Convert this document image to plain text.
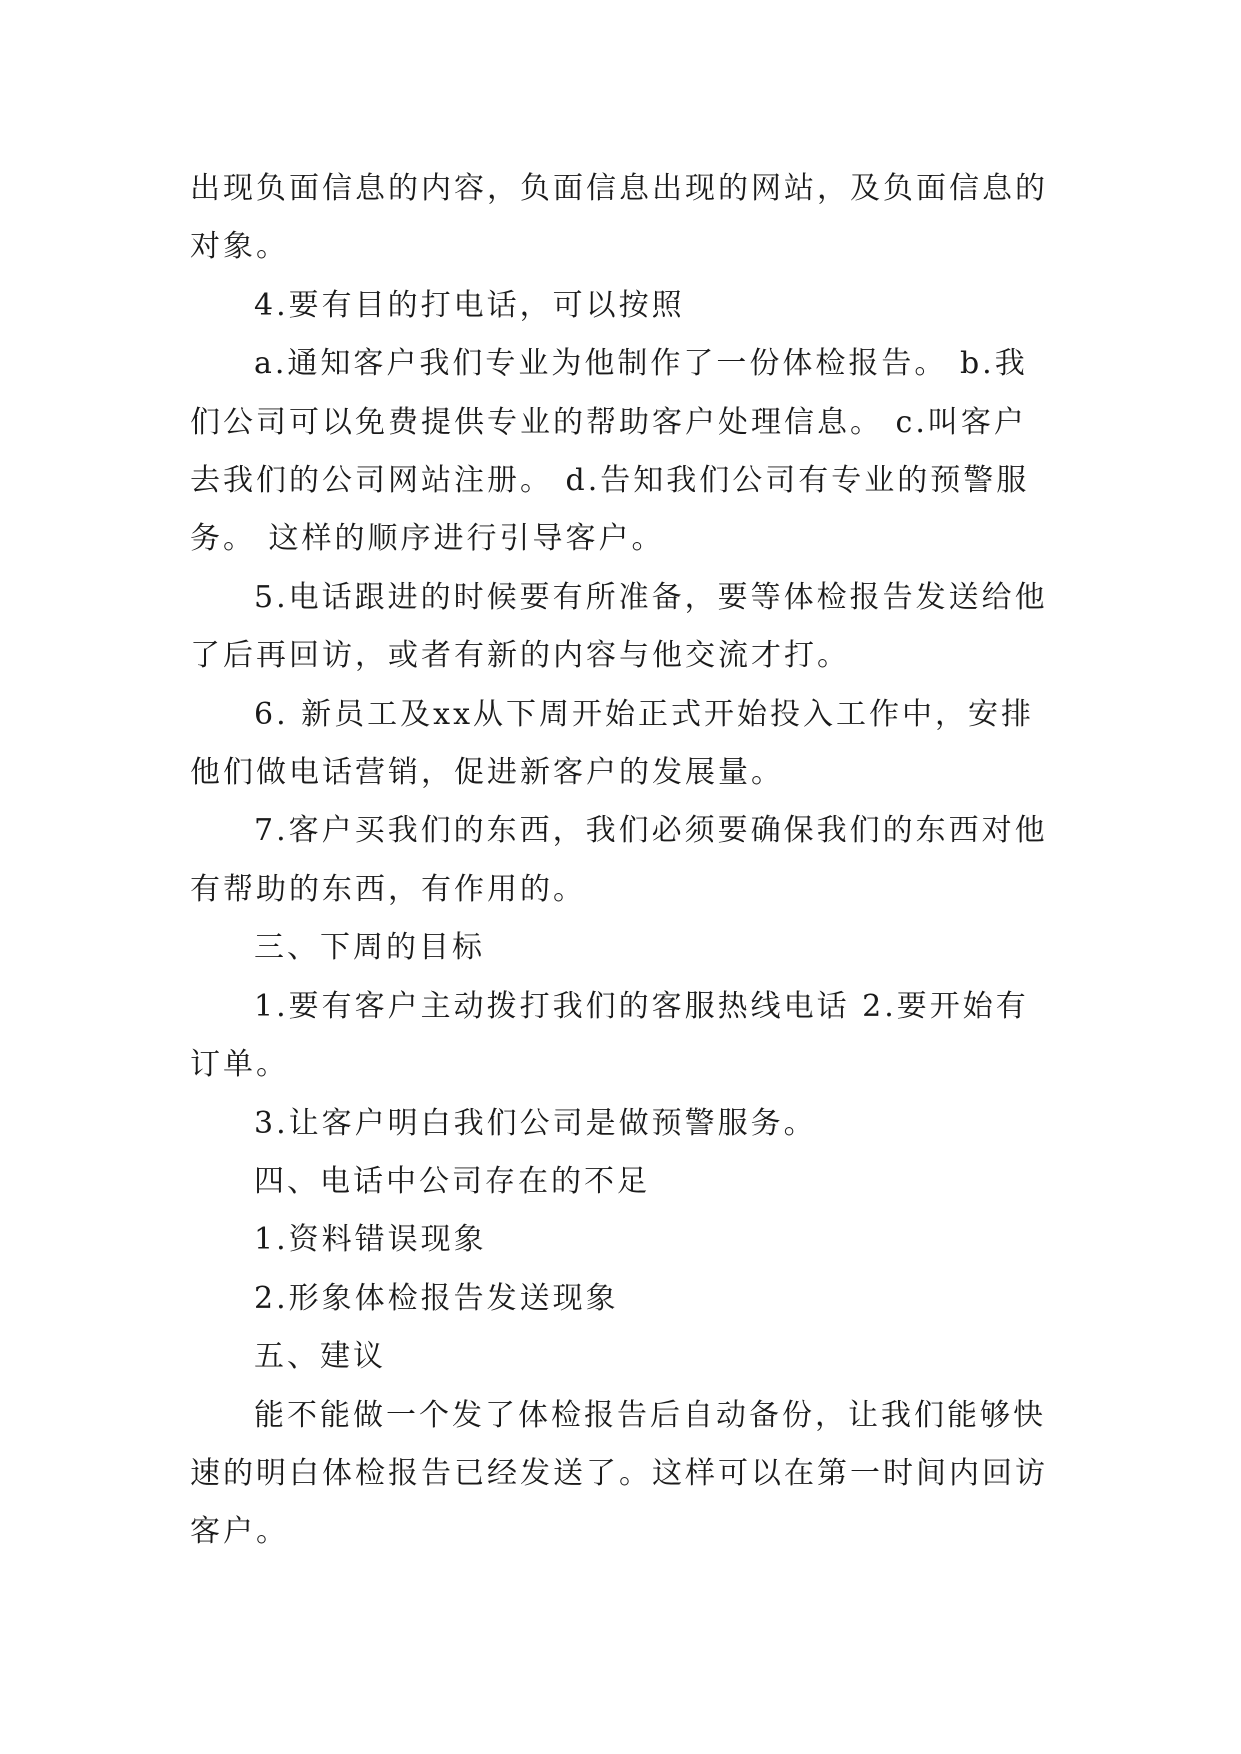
出现负面信息的内容，负面信息出现的网站，及负面信息的对象。

4.要有目的打电话，可以按照

a.通知客户我们专业为他制作了一份体检报告。 b.我们公司可以免费提供专业的帮助客户处理信息。 c.叫客户去我们的公司网站注册。 d.告知我们公司有专业的预警服务。 这样的顺序进行引导客户。

5.电话跟进的时候要有所准备，要等体检报告发送给他了后再回访，或者有新的内容与他交流才打。

6. 新员工及xx从下周开始正式开始投入工作中，安排他们做电话营销，促进新客户的发展量。

7.客户买我们的东西，我们必须要确保我们的东西对他有帮助的东西，有作用的。

三、下周的目标

1.要有客户主动拨打我们的客服热线电话 2.要开始有订单。

3.让客户明白我们公司是做预警服务。

四、电话中公司存在的不足

1.资料错误现象

2.形象体检报告发送现象

五、建议

能不能做一个发了体检报告后自动备份，让我们能够快速的明白体检报告已经发送了。这样可以在第一时间内回访客户。
